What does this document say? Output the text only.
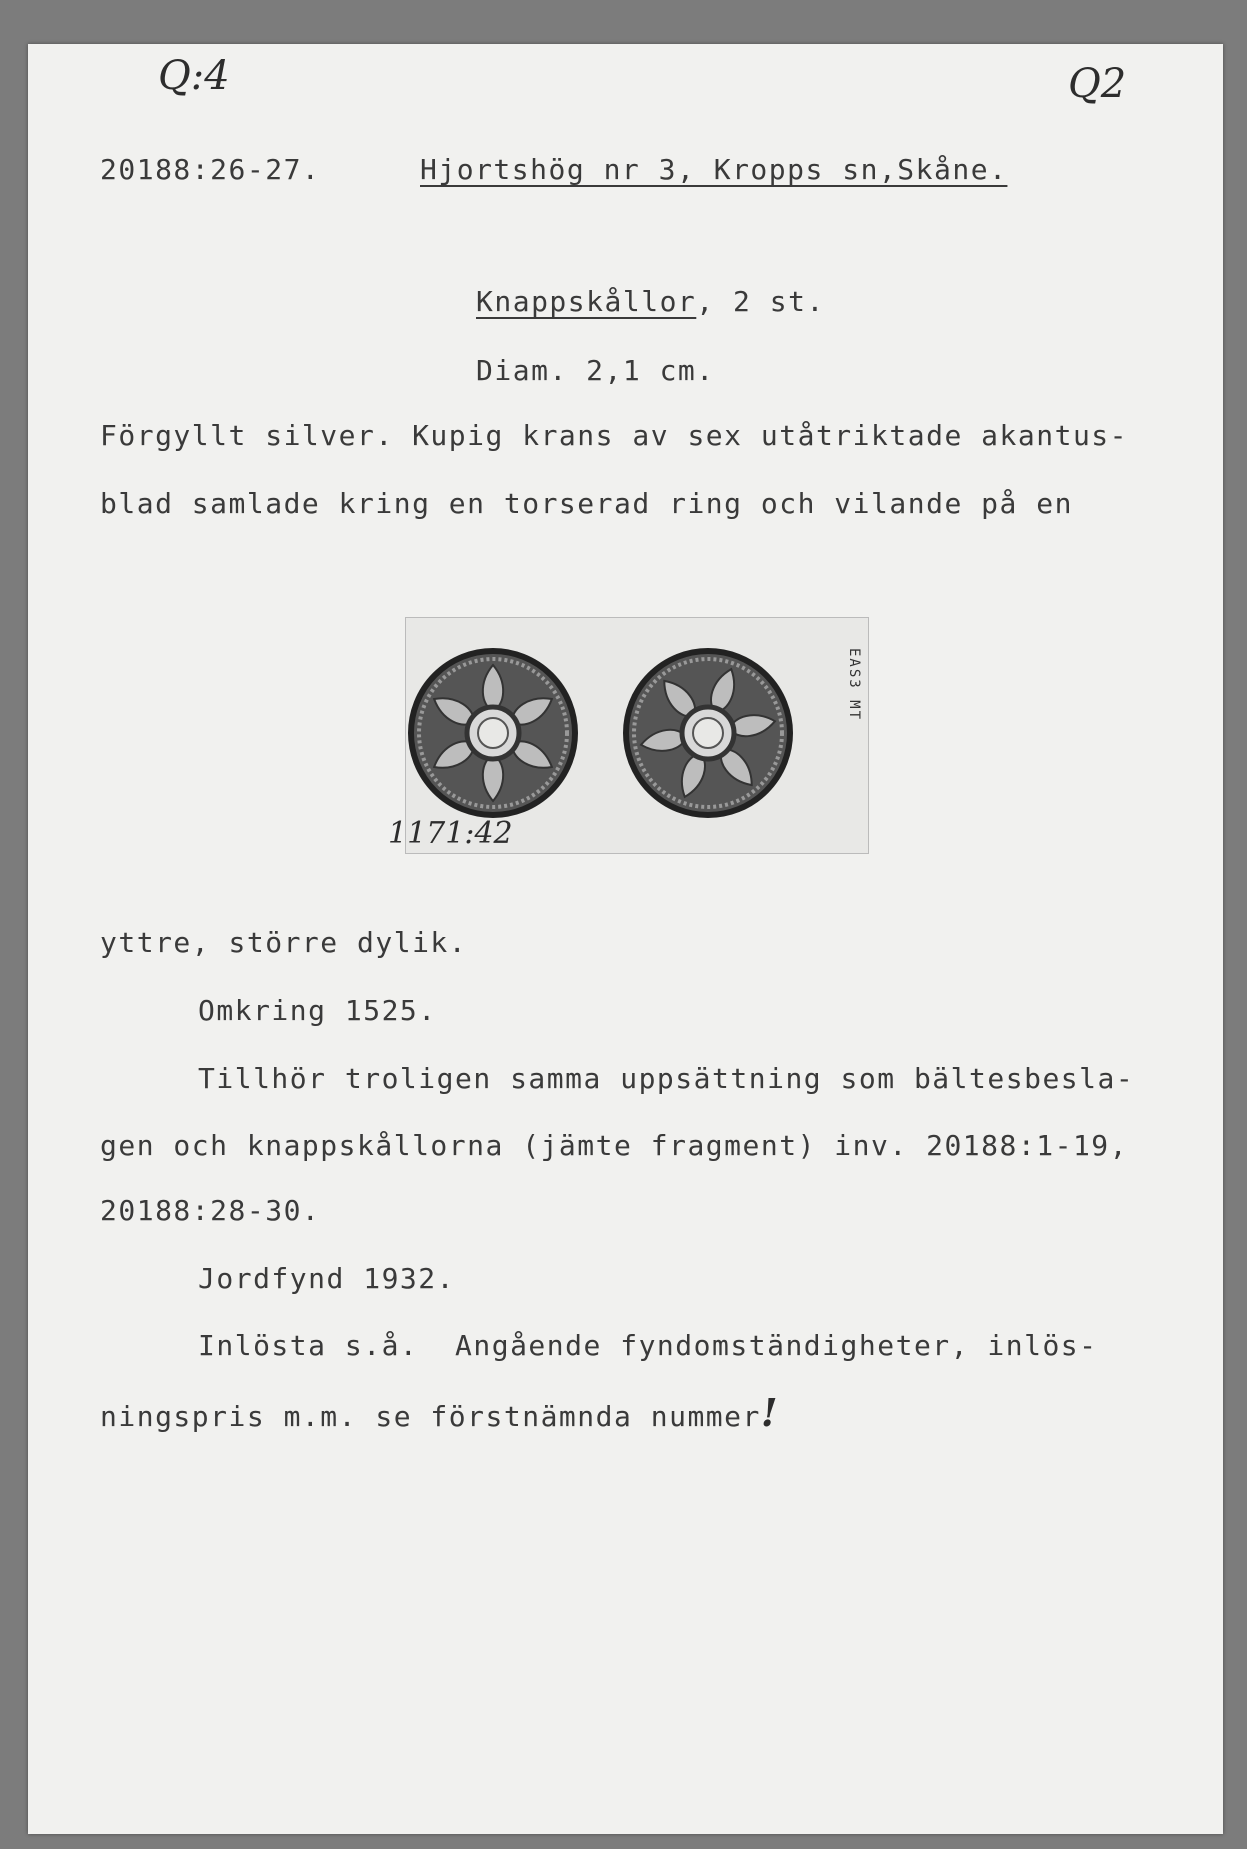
Q:4	Q2
20188:26-27.	Hjortshög nr 3, Kropps sn,Skåne.
Knappskållor, 2 st.
Diam. 2,1 cm.
Förgyllt silver. Kupig krans av sex utåtriktade akantus-
blad samlade kring en torserad ring och vilande på en
EAS3 MT
1171:42
yttre, större dylik.
Omkring 1525.
Tillhör troligen samma uppsättning som bältesbesla-
gen och knappskållorna (jämte fragment) inv. 20188:1-19,
20188:28-30.
Jordfynd 1932.
Inlösta s.å.  Angående fyndomständigheter, inlös-
ningspris m.m. se förstnämnda nummer!
